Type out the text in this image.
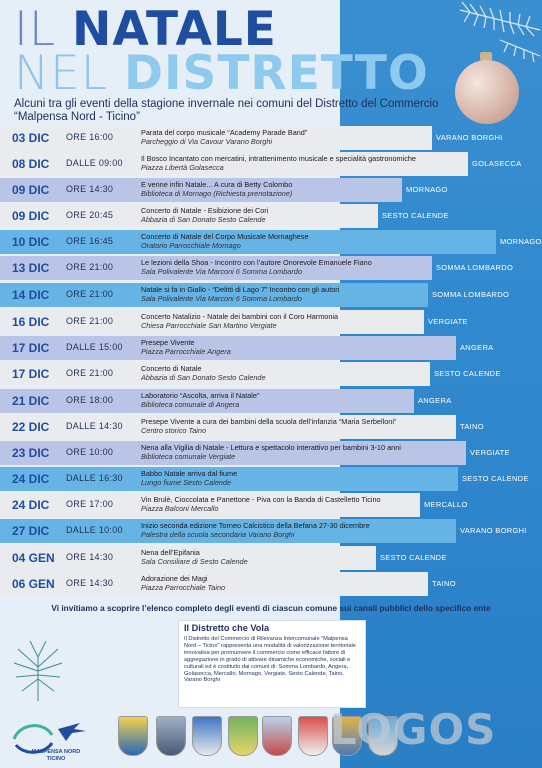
IL NATALE
NEL DISTRETTO
Alcuni tra gli eventi della stagione invernale nei comuni del Distretto del Commercio “Malpensa Nord - Ticino”
03 DIC ORE 16:00	Parata del corpo musicale “Academy Parade Band”
Parcheggio di Via Cavour Varano Borghi	VARANO BORGHI
08 DIC DALLE 09:00 Il Bosco Incantato con mercatini, intrattenimento musicale e specialità gastronomiche
Piazza Libertà Golasecca	GOLASECCA
09 DIC ORE 14:30	E venne infin Natale... A cura di Betty Colombo
Biblioteca di Mornago (Richiesta prenotazione)	MORNAGO
09 DIC ORE 20:45	Concerto di Natale - Esibizione dei Cori
Abbazia di San Donato Sesto Calende	SESTO CALENDE
10 DIC ORE 16:45	Concerto di Natale del Corpo Musicale Mornaghese
Oratorio Parrocchiale Mornago	MORNAGO
13 DIC ORE 21:00	Le lezioni della Shoa - Incontro con l’autore Onorevole Emanuele Fiano
Sala Polivalente Via Marconi 6 Somma Lombardo	SOMMA LOMBARDO
14 DIC ORE 21:00	Natale si fa in Giallo - “Delitti di Lago 7” Incontro con gli autori
Sala Polivalente Via Marconi 6 Somma Lombardo	SOMMA LOMBARDO
16 DIC ORE 21:00	Concerto Natalizio - Natale dei bambini con il Coro Harmonia
Chiesa Parrocchiale San Martino Vergiate	VERGIATE
17 DIC DALLE 15:00 Presepe Vivente
Piazza Parrocchiale Angera	ANGERA
17 DIC ORE 21:00	Concerto di Natale
Abbazia di San Donato Sesto Calende	SESTO CALENDE
21 DIC ORE 18:00	Laboratorio “Ascolta, arriva il Natale”
Biblioteca comunale di Angera	ANGERA
22 DIC DALLE 14:30 Presepe Vivente a cura dei bambini della scuola dell’infanzia “Maria Serbelloni”
Centro storico Taino	TAINO
23 DIC ORE 10:00	Nena alla Vigilia di Natale - Lettura e spettacolo interattivo per bambini 3-10 anni
Biblioteca comunale Vergiate	VERGIATE
24 DIC DALLE 16:30 Babbo Natale arriva dal fiume
Lungo fiume Sesto Calende	SESTO CALENDE
24 DIC ORE 17:00	Vin Brulè, Cioccolata e Panettone - Piva con la Banda di Castelletto Ticino
Piazza Balconi Mercallo	MERCALLO
27 DIC DALLE 10:00 Inizio seconda edizione Torneo Calcistico della Befana 27-30 dicembre
Palestra della scuola secondaria Varano Borghi	VARANO BORGHI
04 GEN ORE 14:30	Nena dell’Epifania
Sala Consiliare di Sesto Calende	SESTO CALENDE
06 GEN ORE 14:30	Adorazione dei Magi
Piazza Parrocchiale Taino	TAINO
Vi invitiamo a scoprire l’elenco completo degli eventi di ciascun comune sui canali pubblici dello specifico ente
Il Distretto che Vola
Il Distretto del Commercio di Rilevanza Intercomunale “Malpensa Nord – Ticino” rappresenta una modalità di valorizzazione territoriale innovativa per promuovere il commercio come efficace fattore di aggregazione in grado di attivare dinamiche economiche, sociali e culturali ed è costituito dai comuni di: Somma Lombardo, Angera, Golasecca, Mercallo, Mornago, Vergiate, Sesto Calende, Taino, Varano Borghi
MALPENSA NORD
TICINO
LOGOS
